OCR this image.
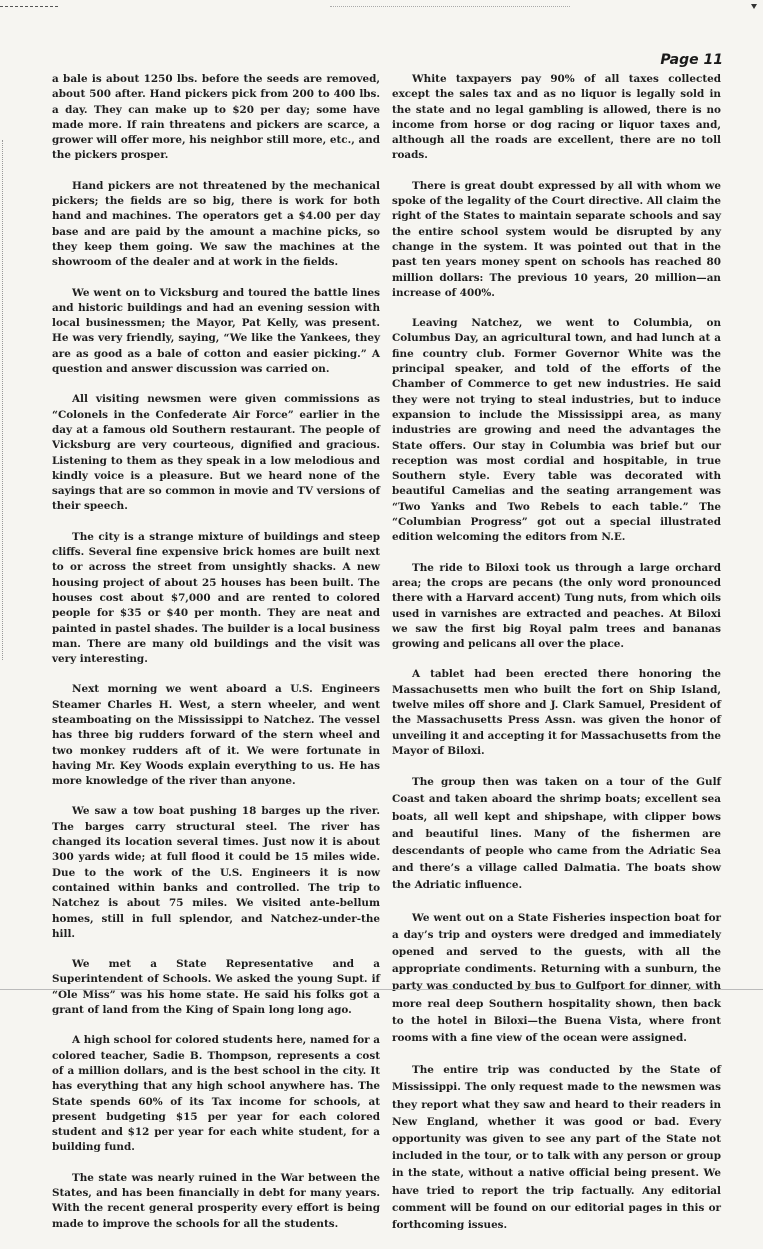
Page 11

a bale is about 1250 lbs. before the seeds are removed, about 500 after. Hand pickers pick from 200 to 400 lbs. a day. They can make up to $20 per day; some have made more. If rain threatens and pickers are scarce, a grower will offer more, his neighbor still more, etc., and the pickers prosper.

Hand pickers are not threatened by the mechanical pickers; the fields are so big, there is work for both hand and machines. The operators get a $4.00 per day base and are paid by the amount a machine picks, so they keep them going. We saw the machines at the showroom of the dealer and at work in the fields.

We went on to Vicksburg and toured the battle lines and historic buildings and had an evening session with local businessmen; the Mayor, Pat Kelly, was present. He was very friendly, saying, “We like the Yankees, they are as good as a bale of cotton and easier picking.” A question and answer discussion was carried on.

All visiting newsmen were given commissions as “Colonels in the Confederate Air Force” earlier in the day at a famous old Southern restaurant. The people of Vicksburg are very courteous, dignified and gracious. Listening to them as they speak in a low melodious and kindly voice is a pleasure. But we heard none of the sayings that are so common in movie and TV versions of their speech.

The city is a strange mixture of buildings and steep cliffs. Several fine expensive brick homes are built next to or across the street from unsightly shacks. A new housing project of about 25 houses has been built. The houses cost about $7,000 and are rented to colored people for $35 or $40 per month. They are neat and painted in pastel shades. The builder is a local business man. There are many old buildings and the visit was very interesting.

Next morning we went aboard a U.S. Engineers Steamer Charles H. West, a stern wheeler, and went steamboating on the Mississippi to Natchez. The vessel has three big rudders forward of the stern wheel and two monkey rudders aft of it. We were fortunate in having Mr. Key Woods explain everything to us. He has more knowledge of the river than anyone.

We saw a tow boat pushing 18 barges up the river. The barges carry structural steel. The river has changed its location several times. Just now it is about 300 yards wide; at full flood it could be 15 miles wide. Due to the work of the U.S. Engineers it is now contained within banks and controlled. The trip to Natchez is about 75 miles. We visited ante-bellum homes, still in full splendor, and Natchez-under-the hill.

We met a State Representative and a Superintendent of Schools. We asked the young Supt. if “Ole Miss” was his home state. He said his folks got a grant of land from the King of Spain long long ago.

A high school for colored students here, named for a colored teacher, Sadie B. Thompson, represents a cost of a million dollars, and is the best school in the city. It has everything that any high school anywhere has. The State spends 60% of its Tax income for schools, at present budgeting $15 per year for each colored student and $12 per year for each white student, for a building fund.

The state was nearly ruined in the War between the States, and has been financially in debt for many years. With the recent general prosperity every effort is being made to improve the schools for all the students.

White taxpayers pay 90% of all taxes collected except the sales tax and as no liquor is legally sold in the state and no legal gambling is allowed, there is no income from horse or dog racing or liquor taxes and, although all the roads are excellent, there are no toll roads.

There is great doubt expressed by all with whom we spoke of the legality of the Court directive. All claim the right of the States to maintain separate schools and say the entire school system would be disrupted by any change in the system. It was pointed out that in the past ten years money spent on schools has reached 80 million dollars: The previous 10 years, 20 million—an increase of 400%.

Leaving Natchez, we went to Columbia, on Columbus Day, an agricultural town, and had lunch at a fine country club. Former Governor White was the principal speaker, and told of the efforts of the Chamber of Commerce to get new industries. He said they were not trying to steal industries, but to induce expansion to include the Mississippi area, as many industries are growing and need the advantages the State offers. Our stay in Columbia was brief but our reception was most cordial and hospitable, in true Southern style. Every table was decorated with beautiful Camelias and the seating arrangement was “Two Yanks and Two Rebels to each table.” The “Columbian Progress” got out a special illustrated edition welcoming the editors from N.E.

The ride to Biloxi took us through a large orchard area; the crops are pecans (the only word pronounced there with a Harvard accent) Tung nuts, from which oils used in varnishes are extracted and peaches. At Biloxi we saw the first big Royal palm trees and bananas growing and pelicans all over the place.

A tablet had been erected there honoring the Massachusetts men who built the fort on Ship Island, twelve miles off shore and J. Clark Samuel, President of the Massachusetts Press Assn. was given the honor of unveiling it and accepting it for Massachusetts from the Mayor of Biloxi.

The group then was taken on a tour of the Gulf Coast and taken aboard the shrimp boats; excellent sea boats, all well kept and shipshape, with clipper bows and beautiful lines. Many of the fishermen are descendants of people who came from the Adriatic Sea and there’s a village called Dalmatia. The boats show the Adriatic influence.

We went out on a State Fisheries inspection boat for a day’s trip and oysters were dredged and immediately opened and served to the guests, with all the appropriate condiments. Returning with a sunburn, the party was conducted by bus to Gulfport for dinner, with more real deep Southern hospitality shown, then back to the hotel in Biloxi—the Buena Vista, where front rooms with a fine view of the ocean were assigned.

The entire trip was conducted by the State of Mississippi. The only request made to the newsmen was they report what they saw and heard to their readers in New England, whether it was good or bad. Every opportunity was given to see any part of the State not included in the tour, or to talk with any person or group in the state, without a native official being present. We have tried to report the trip factually. Any editorial comment will be found on our editorial pages in this or forthcoming issues.
